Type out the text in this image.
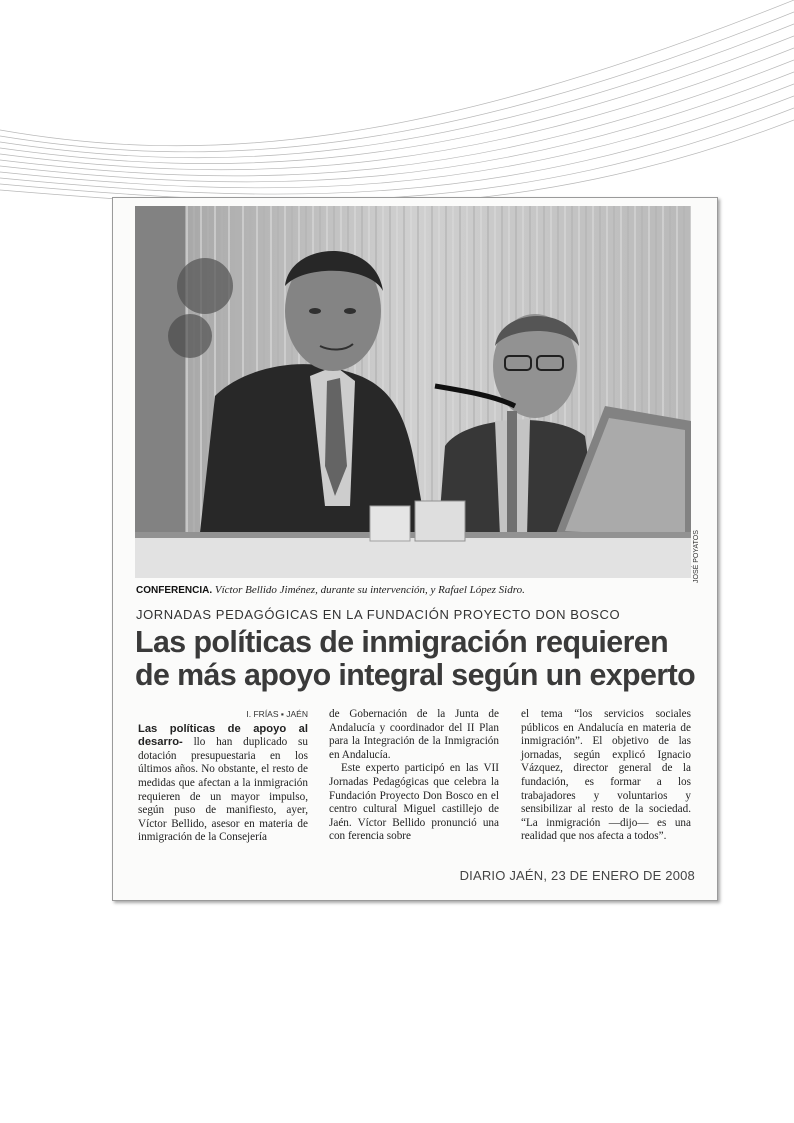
JOSÉ POYATOS
CONFERENCIA. Víctor Bellido Jiménez, durante su intervención, y Rafael López Sidro.
JORNADAS PEDAGÓGICAS EN LA FUNDACIÓN PROYECTO DON BOSCO
Las políticas de inmigración requieren
de más apoyo integral según un experto
I. FRÍAS ▪ JAÉN

Las políticas de apoyo al desarro- llo han duplicado su dotación presupuestaria en los últimos años. No obstante, el resto de medidas que afectan a la inmigración requieren de un mayor impulso, según puso de manifiesto, ayer, Víctor Bellido, asesor en materia de inmigración de la Consejería

de Gobernación de la Junta de Andalucía y coordinador del II Plan para la Integración de la Inmigración en Andalucía.

Este experto participó en las VII Jornadas Pedagógicas que celebra la Fundación Proyecto Don Bosco en el centro cultural Miguel castillejo de Jaén. Víctor Bellido pronunció una con ferencia sobre

el tema “los servicios sociales públicos en Andalucía en materia de inmigración”. El objetivo de las jornadas, según explicó Ignacio Vázquez, director general de la fundación, es formar a los trabajadores y voluntarios y sensibilizar al resto de la sociedad. “La inmigración —dijo— es una realidad que nos afecta a todos”.

DIARIO JAÉN, 23 DE ENERO DE 2008
